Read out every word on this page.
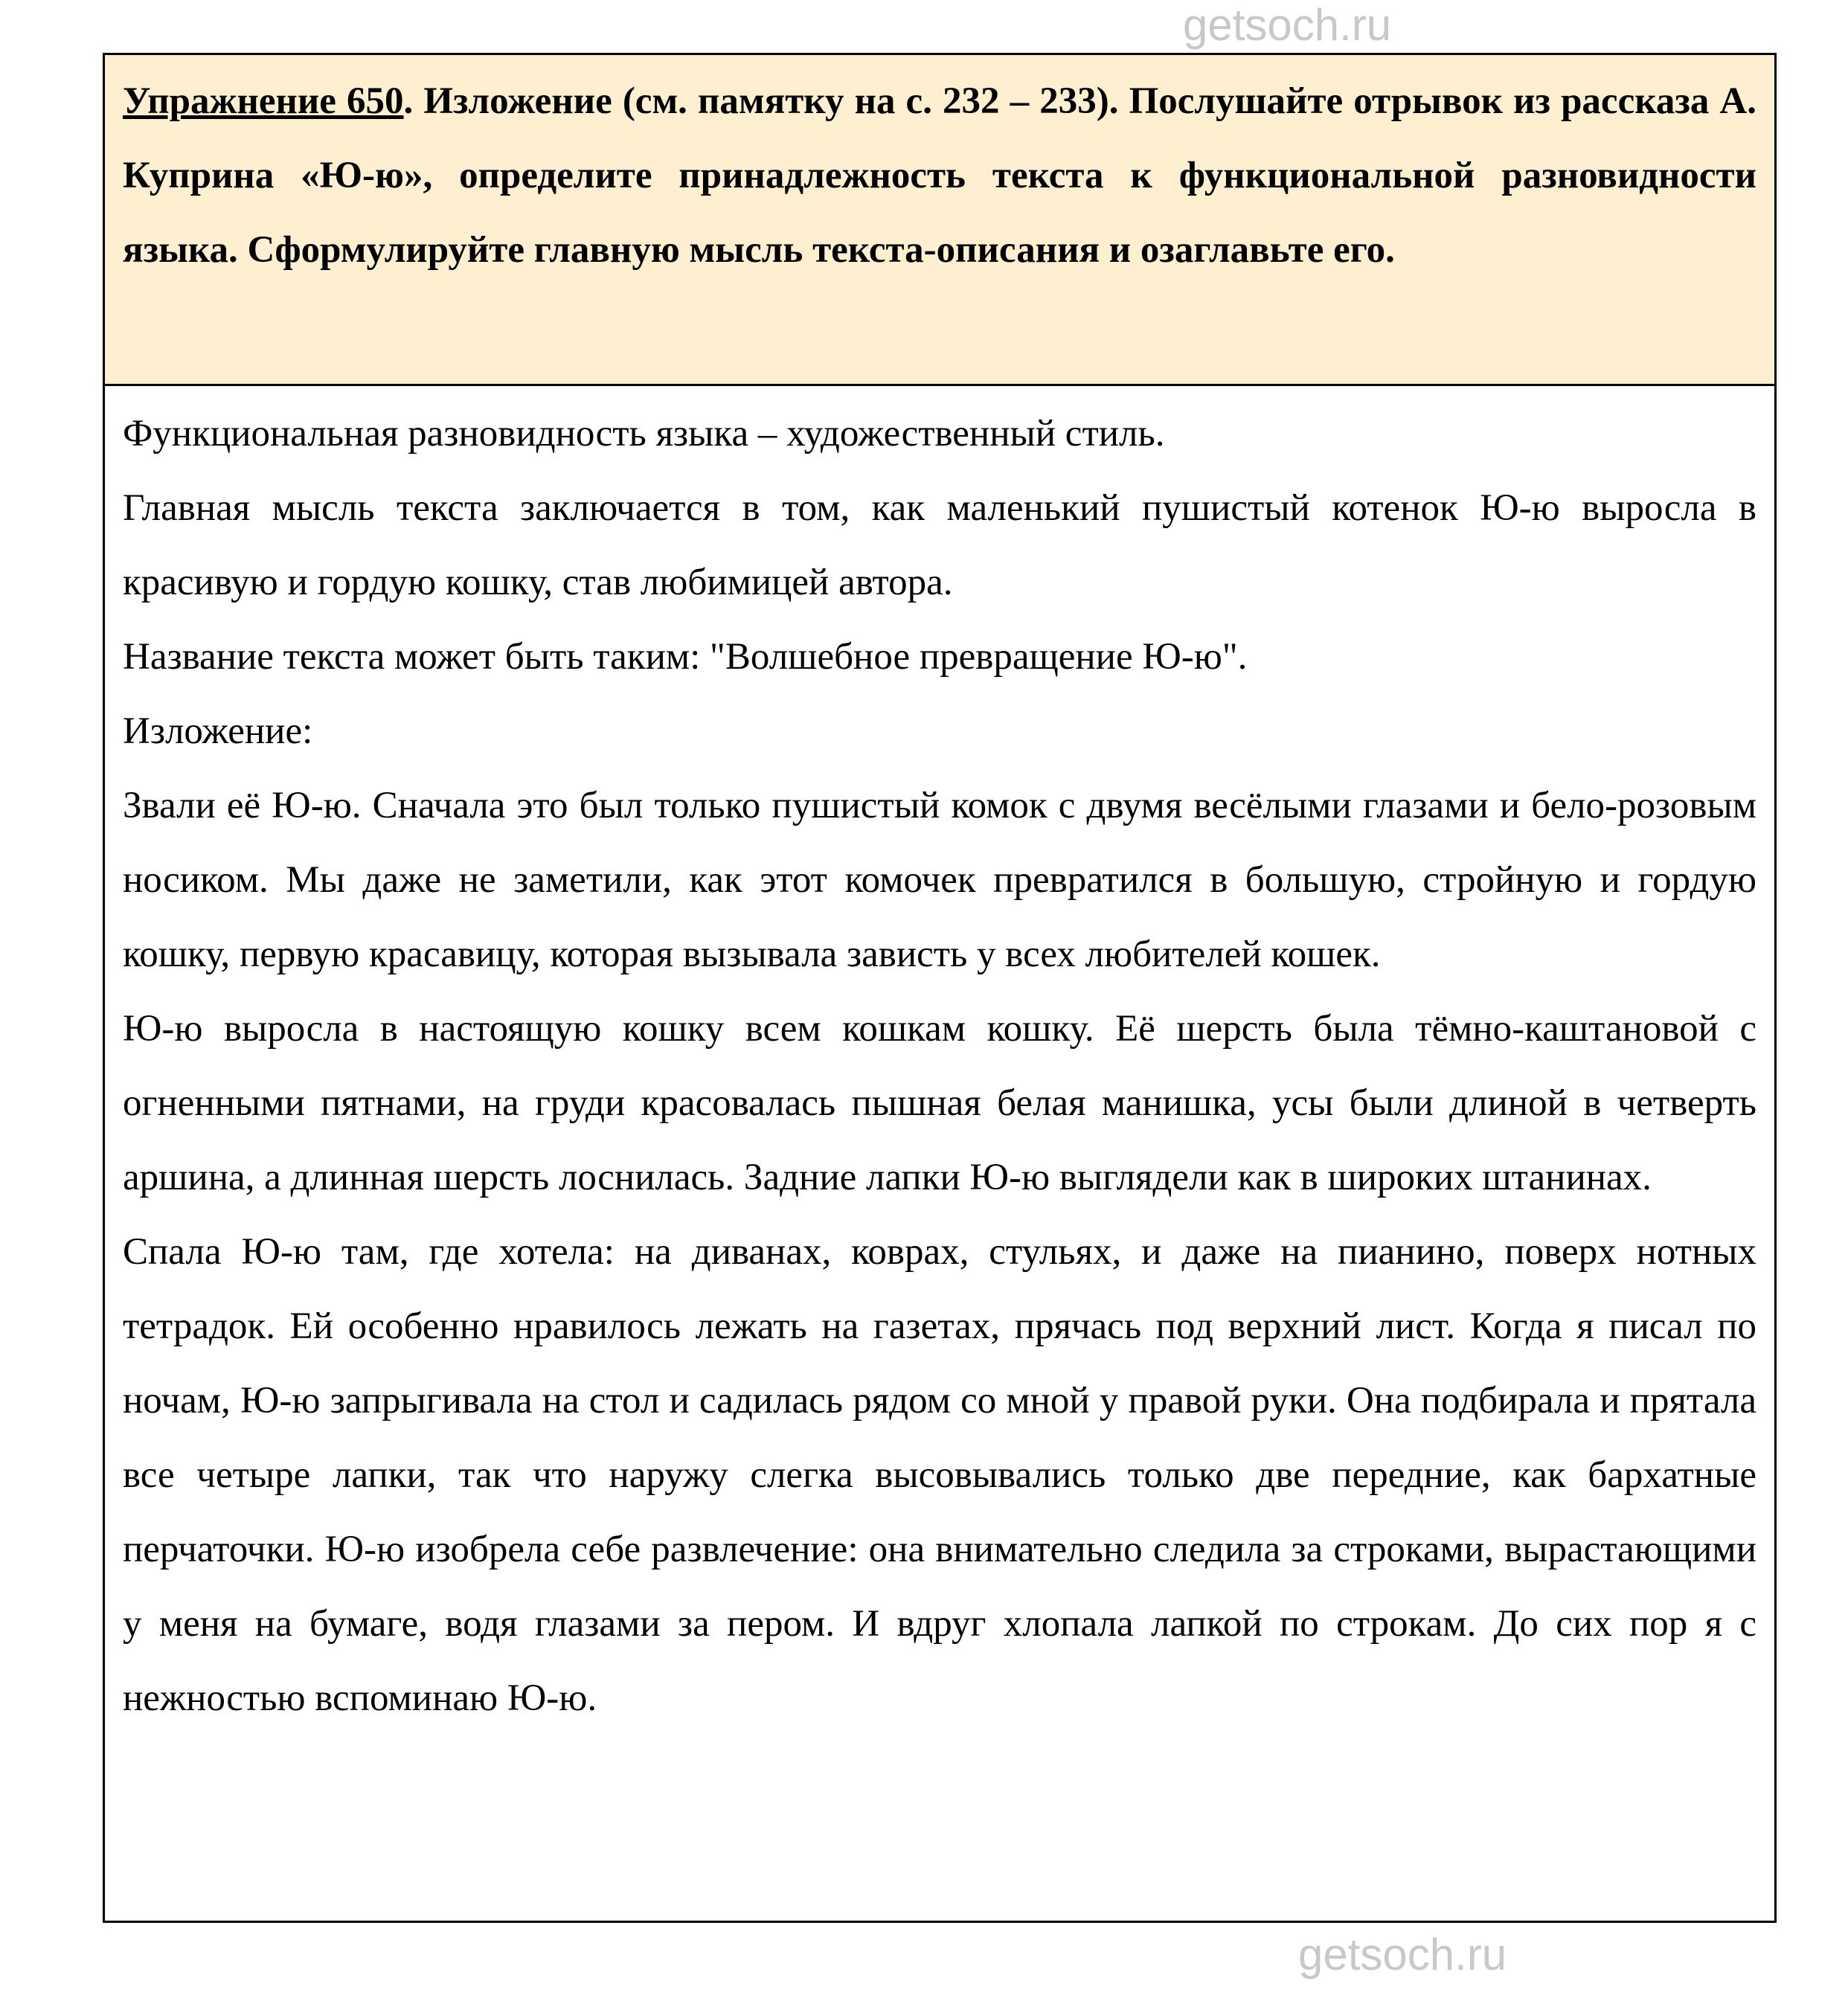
Упражнение 650. Изложение (см. памятку на с. 232 – 233). Послушайте отрывок из рассказа А. Куприна «Ю-ю», определите принадлежность текста к функциональной разновидности языка. Сформулируйте главную мысль текста-описания и озаглавьте его.

Функциональная разновидность языка – художественный стиль.

Главная мысль текста заключается в том, как маленький пушистый котенок Ю-ю выросла в красивую и гордую кошку, став любимицей автора.

Название текста может быть таким: "Волшебное превращение Ю-ю".

Изложение:

Звали её Ю-ю. Сначала это был только пушистый комок с двумя весёлыми глазами и бело-розовым носиком. Мы даже не заметили, как этот комочек превратился в большую, стройную и гордую кошку, первую красавицу, которая вызывала зависть у всех любителей кошек.

Ю-ю выросла в настоящую кошку всем кошкам кошку. Её шерсть была тёмно-каштановой с огненными пятнами, на груди красовалась пышная белая манишка, усы были длиной в четверть аршина, а длинная шерсть лоснилась. Задние лапки Ю-ю выглядели как в широких штанинах.

Спала Ю-ю там, где хотела: на диванах, коврах, стульях, и даже на пианино, поверх нотных тетрадок. Ей особенно нравилось лежать на газетах, прячась под верхний лист. Когда я писал по ночам, Ю-ю запрыгивала на стол и садилась рядом со мной у правой руки. Она подбирала и прятала все четыре лапки, так что наружу слегка высовывались только две передние, как бархатные перчаточки. Ю-ю изобрела себе развлечение: она внимательно следила за строками, вырастающими у меня на бумаге, водя глазами за пером. И вдруг хлопала лапкой по строкам. До сих пор я с нежностью вспоминаю Ю-ю.

getsoch.ru
getsoch.ru
